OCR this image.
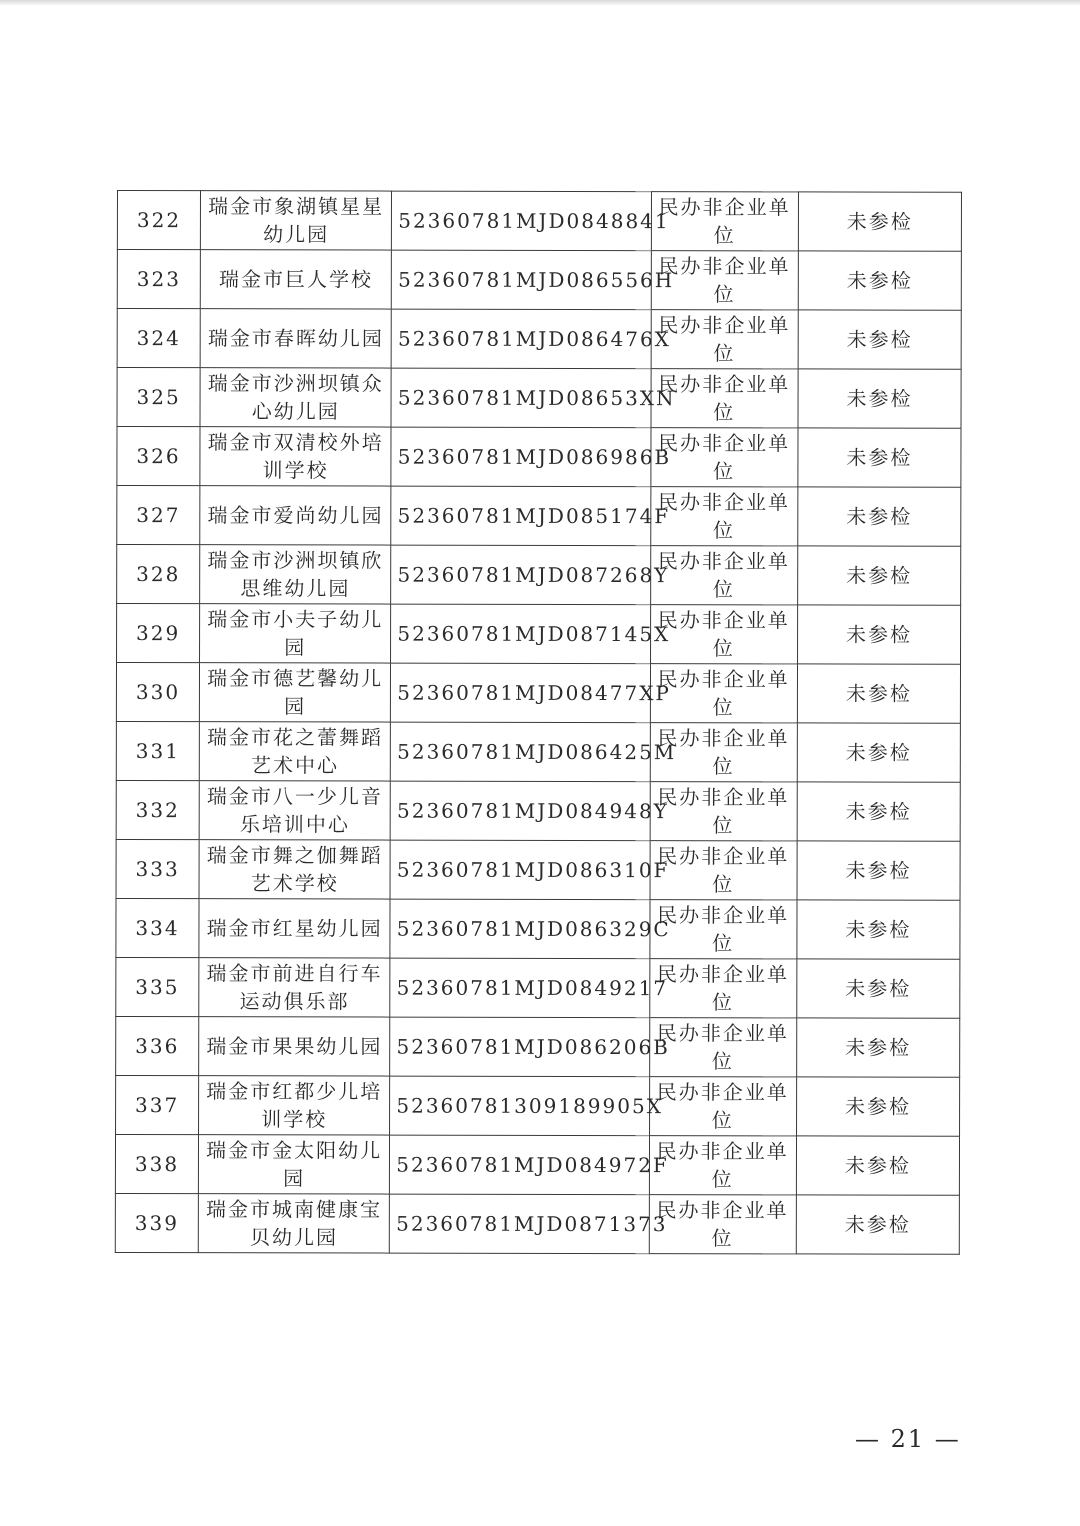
322	瑞金市象湖镇星星幼儿园	52360781MJD0848841	民办非企业单位	未参检
323	瑞金市巨人学校	52360781MJD086556H	民办非企业单位	未参检
324	瑞金市春晖幼儿园	52360781MJD086476X	民办非企业单位	未参检
325	瑞金市沙洲坝镇众心幼儿园	52360781MJD08653XN	民办非企业单位	未参检
326	瑞金市双清校外培训学校	52360781MJD086986B	民办非企业单位	未参检
327	瑞金市爱尚幼儿园	52360781MJD085174F	民办非企业单位	未参检
328	瑞金市沙洲坝镇欣思维幼儿园	52360781MJD087268Y	民办非企业单位	未参检
329	瑞金市小夫子幼儿园	52360781MJD087145X	民办非企业单位	未参检
330	瑞金市德艺馨幼儿园	52360781MJD08477XP	民办非企业单位	未参检
331	瑞金市花之蕾舞蹈艺术中心	52360781MJD086425M	民办非企业单位	未参检
332	瑞金市八一少儿音乐培训中心	52360781MJD084948Y	民办非企业单位	未参检
333	瑞金市舞之伽舞蹈艺术学校	52360781MJD086310F	民办非企业单位	未参检
334	瑞金市红星幼儿园	52360781MJD086329C	民办非企业单位	未参检
335	瑞金市前进自行车运动俱乐部	52360781MJD0849217	民办非企业单位	未参检
336	瑞金市果果幼儿园	52360781MJD086206B	民办非企业单位	未参检
337	瑞金市红都少儿培训学校	52360781309189905X	民办非企业单位	未参检
338	瑞金市金太阳幼儿园	52360781MJD084972F	民办非企业单位	未参检
339	瑞金市城南健康宝贝幼儿园	52360781MJD0871373	民办非企业单位	未参检
— 21 —
